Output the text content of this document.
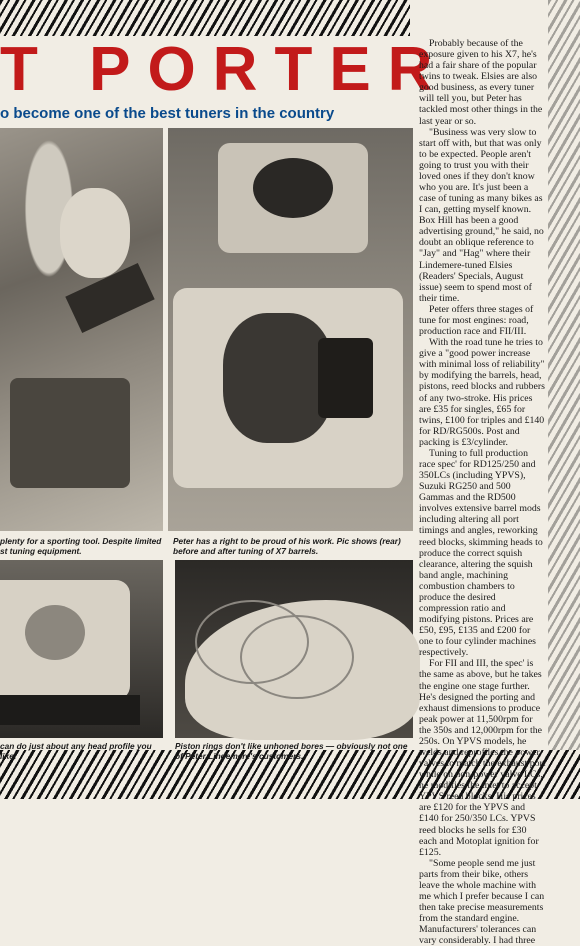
T PORTER
o become one of the best tuners in the country

plenty for a sporting tool. Despite limited st tuning equipment.

Peter has a right to be proud of his work. Pic shows (rear) before and after tuning of X7 barrels.

can do just about any head profile you like.

Piston rings don't like unhoned bores — obviously not one of Peter Lindemere's customers.

Probably because of the exposure given to his X7, he's had a fair share of the popular twins to tweak. Elsies are also good business, as every tuner will tell you, but Peter has tackled most other things in the last year or so.

"Business was very slow to start off with, but that was only to be expected. People aren't going to trust you with their loved ones if they don't know who you are. It's just been a case of tuning as many bikes as I can, getting myself known. Box Hill has been a good advertising ground," he said, no doubt an oblique reference to "Jay" and "Hag" where their Lindemere-tuned Elsies (Readers' Specials, August issue) seem to spend most of their time.

Peter offers three stages of tune for most engines: road, production race and FII/III.

With the road tune he tries to give a "good power increase with minimal loss of reliability" by modifying the barrels, head, pistons, reed blocks and rubbers of any two-stroke. His prices are £35 for singles, £65 for twins, £100 for triples and £140 for RD/RG500s. Post and packing is £3/cylinder.

Tuning to full production race spec' for RD125/250 and 350LCs (including YPVS), Suzuki RG250 and 500 Gammas and the RD500 involves extensive barrel mods including altering all port timings and angles, reworking reed blocks, skimming heads to produce the correct squish clearance, altering the squish band angle, machining combustion chambers to produce the desired compression ratio and modifying pistons. Prices are £50, £95, £135 and £200 for one to four cylinder machines respectively.

For FII and III, the spec' is the same as above, but he takes the engine one stage further. He's designed the porting and exhaust dimensions to produce peak power at 11,500rpm for the 350s and 12,000rpm for the 250s. On YPVS models, he welds and reprofiles the power valves to match the exhaust port while on non-power valve LCs, he modifies the inlet to accept YPVS reed blocks. His prices are £120 for the YPVS and £140 for 250/350 LCs. YPVS reed blocks he sells for £30 each and Motoplat ignition for £125.

"Some people send me just parts from their bike, others leave the whole machine with me which I prefer because I can then take precise measurements from the standard engine. Manufacturers' tolerances can vary considerably. I had three
